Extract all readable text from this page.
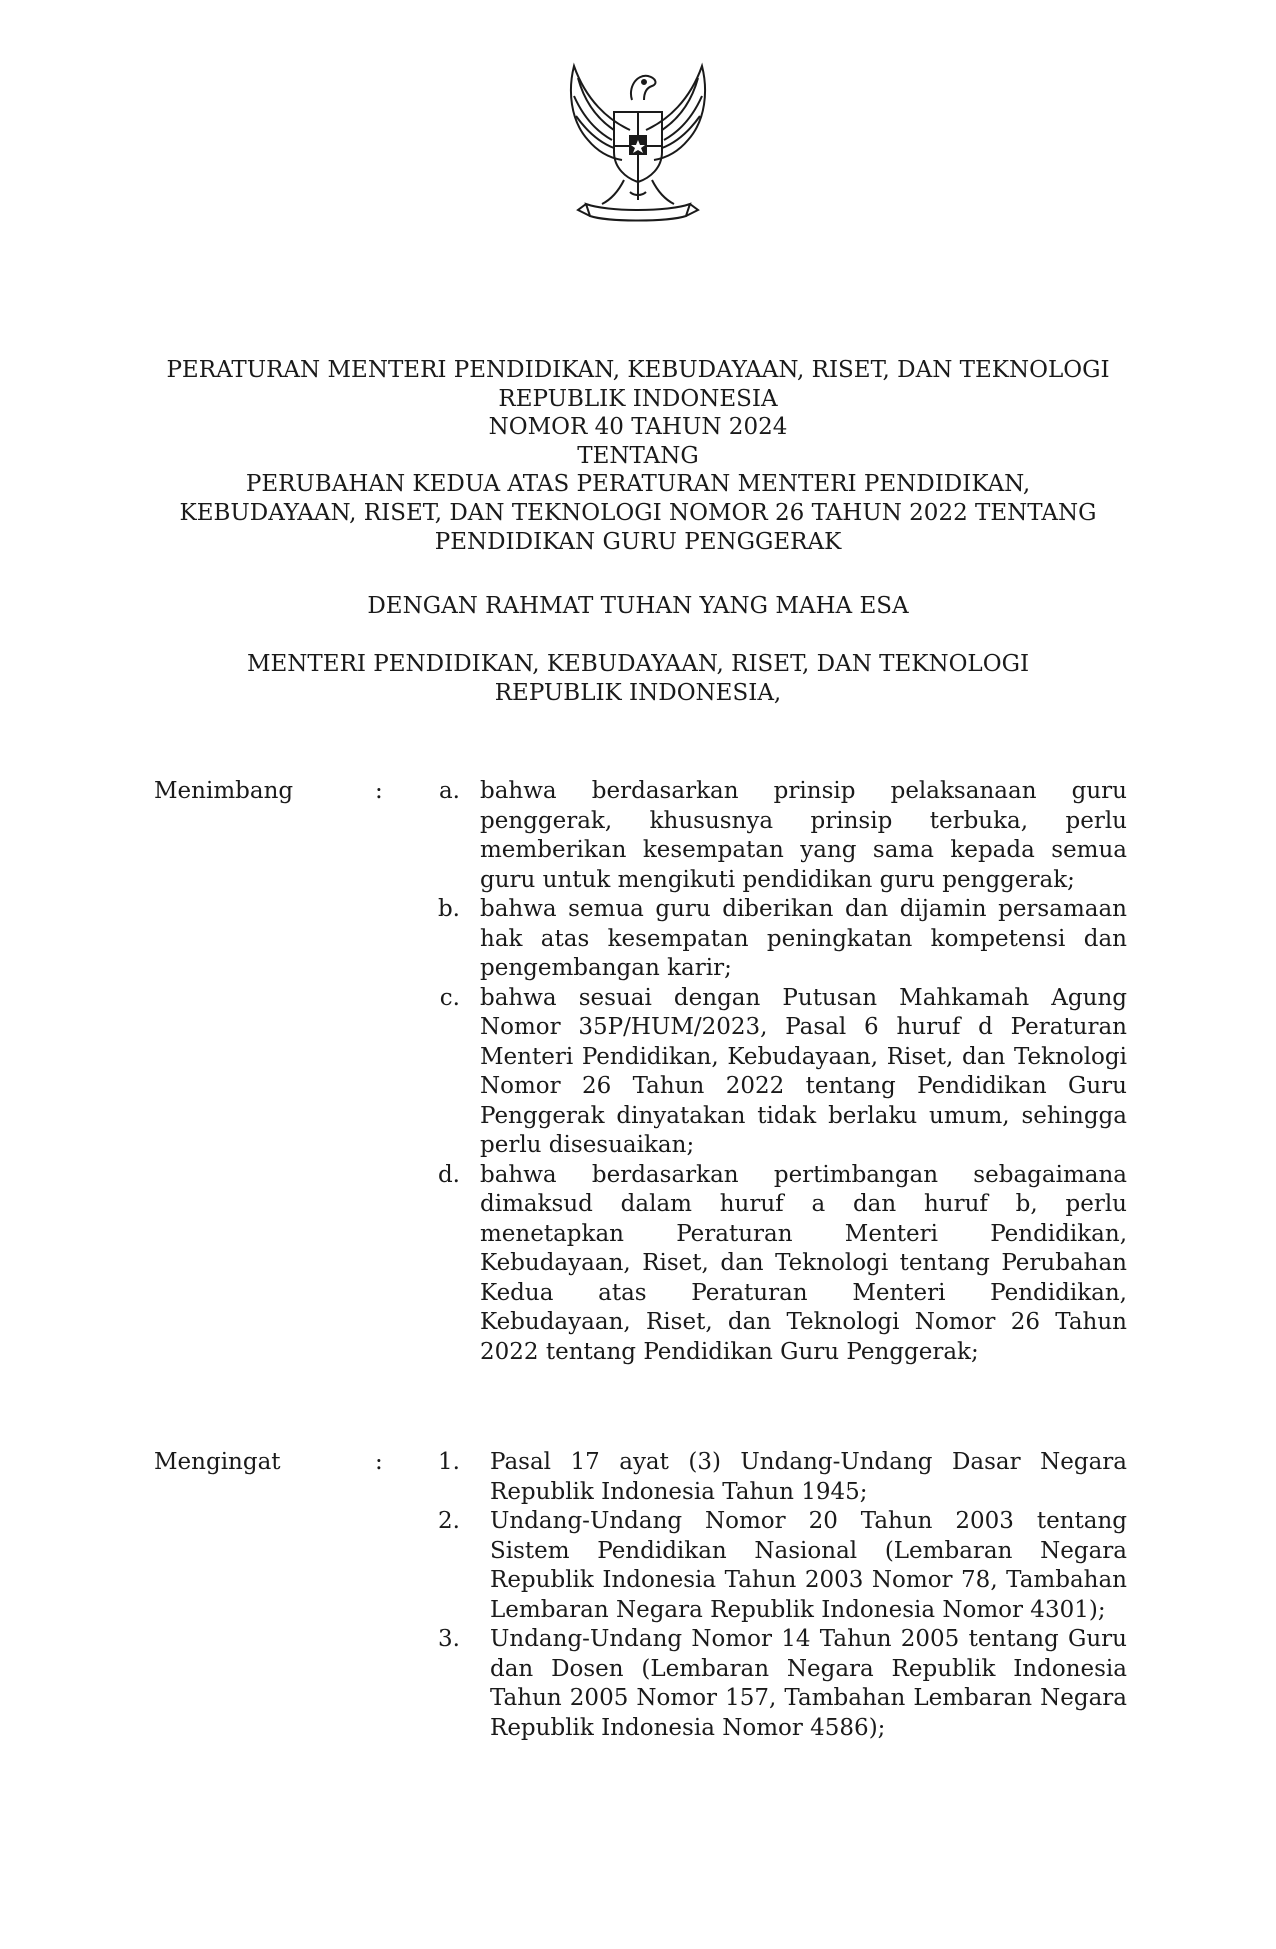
PERATURAN MENTERI PENDIDIKAN, KEBUDAYAAN, RISET, DAN TEKNOLOGI
REPUBLIK INDONESIA
NOMOR 40 TAHUN 2024
TENTANG
PERUBAHAN KEDUA ATAS PERATURAN MENTERI PENDIDIKAN,
KEBUDAYAAN, RISET, DAN TEKNOLOGI NOMOR 26 TAHUN 2022 TENTANG
PENDIDIKAN GURU PENGGERAK
DENGAN RAHMAT TUHAN YANG MAHA ESA
MENTERI PENDIDIKAN, KEBUDAYAAN, RISET, DAN TEKNOLOGI
REPUBLIK INDONESIA,
Menimbang	:	a. bahwa berdasarkan prinsip pelaksanaan guru penggerak, khususnya prinsip terbuka, perlu memberikan kesempatan yang sama kepada semua guru untuk mengikuti pendidikan guru penggerak;
b. bahwa semua guru diberikan dan dijamin persamaan hak atas kesempatan peningkatan kompetensi dan pengembangan karir;
c. bahwa sesuai dengan Putusan Mahkamah Agung Nomor 35P/HUM/2023, Pasal 6 huruf d Peraturan Menteri Pendidikan, Kebudayaan, Riset, dan Teknologi Nomor 26 Tahun 2022 tentang Pendidikan Guru Penggerak dinyatakan tidak berlaku umum, sehingga perlu disesuaikan;
d. bahwa berdasarkan pertimbangan sebagaimana dimaksud dalam huruf a dan huruf b, perlu menetapkan Peraturan Menteri Pendidikan, Kebudayaan, Riset, dan Teknologi tentang Perubahan Kedua atas Peraturan Menteri Pendidikan, Kebudayaan, Riset, dan Teknologi Nomor 26 Tahun 2022 tentang Pendidikan Guru Penggerak;
Mengingat	:	1. Pasal 17 ayat (3) Undang-Undang Dasar Negara Republik Indonesia Tahun 1945;
2. Undang-Undang Nomor 20 Tahun 2003 tentang Sistem Pendidikan Nasional (Lembaran Negara Republik Indonesia Tahun 2003 Nomor 78, Tambahan Lembaran Negara Republik Indonesia Nomor 4301);
3. Undang-Undang Nomor 14 Tahun 2005 tentang Guru dan Dosen (Lembaran Negara Republik Indonesia Tahun 2005 Nomor 157, Tambahan Lembaran Negara Republik Indonesia Nomor 4586);
